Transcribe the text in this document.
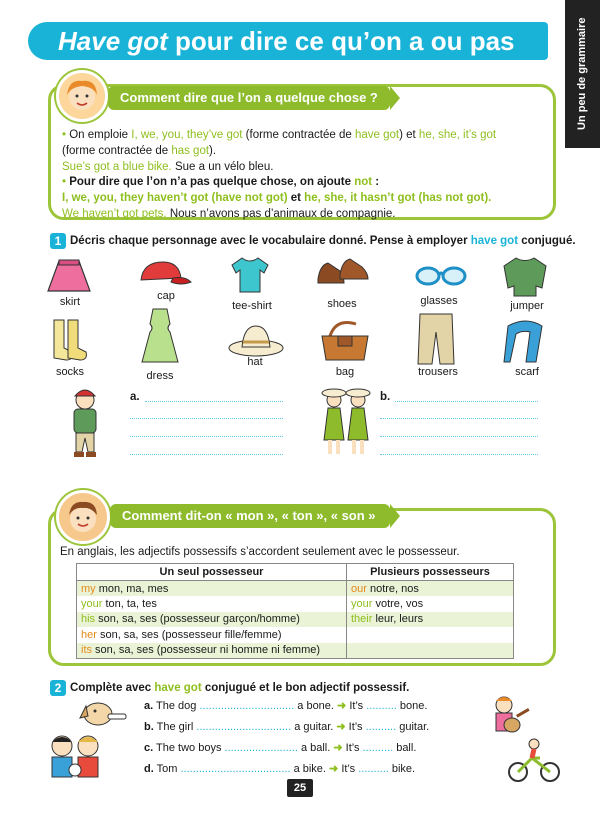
Un peu de grammaire
Have got pour dire ce qu’on a ou pas
Comment dire que l’on a quelque chose ?
• On emploie I, we, you, they’ve got (forme contractée de have got) et he, she, it’s got
(forme contractée de has got).
Sue’s got a blue bike. Sue a un vélo bleu.
• Pour dire que l’on n’a pas quelque chose, on ajoute not :
I, we, you, they haven’t got (have not got) et he, she, it hasn’t got (has not got).
We haven’t got pets. Nous n’avons pas d’animaux de compagnie.
1 Décris chaque personnage avec le vocabulaire donné. Pense à employer have got conjugué.
skirt	cap
tee-shirt	shoes	glasses	jumper
socks	dress
hat
bag	trousers	scarf
a.	b.
Comment dit-on « mon », « ton », « son » etc. ?
En anglais, les adjectifs possessifs s’accordent seulement avec le possesseur.
Un seul possesseur	Plusieurs possesseurs
my mon, ma, mes	our notre, nos
your ton, ta, tes	your votre, vos
his son, sa, ses (possesseur garçon/homme)	their leur, leurs
her son, sa, ses (possesseur fille/femme)	
its son, sa, ses (possesseur ni homme ni femme)	
2 Complète avec have got conjugué et le bon adjectif possessif.
a. The dog ............................... a bone. ➜ It’s .......... bone.
b. The girl ............................... a guitar. ➜ It’s .......... guitar.
c. The two boys ........................ a ball. ➜ It’s .......... ball.
d. Tom .................................... a bike. ➜ It’s .......... bike.
25
